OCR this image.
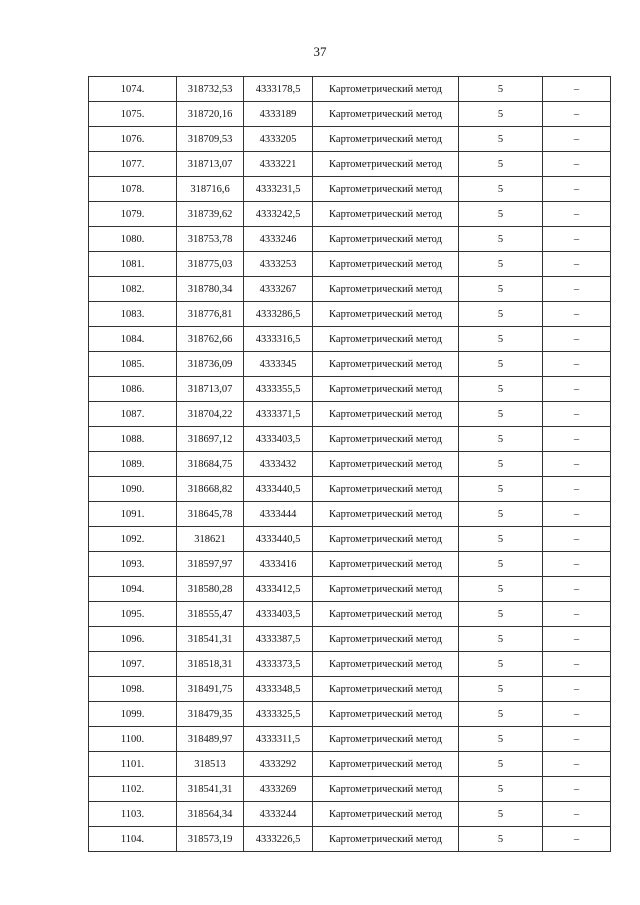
37
1074.	318732,53	4333178,5	Картометрический метод	5	–
1075.	318720,16	4333189	Картометрический метод	5	–
1076.	318709,53	4333205	Картометрический метод	5	–
1077.	318713,07	4333221	Картометрический метод	5	–
1078.	318716,6	4333231,5	Картометрический метод	5	–
1079.	318739,62	4333242,5	Картометрический метод	5	–
1080.	318753,78	4333246	Картометрический метод	5	–
1081.	318775,03	4333253	Картометрический метод	5	–
1082.	318780,34	4333267	Картометрический метод	5	–
1083.	318776,81	4333286,5	Картометрический метод	5	–
1084.	318762,66	4333316,5	Картометрический метод	5	–
1085.	318736,09	4333345	Картометрический метод	5	–
1086.	318713,07	4333355,5	Картометрический метод	5	–
1087.	318704,22	4333371,5	Картометрический метод	5	–
1088.	318697,12	4333403,5	Картометрический метод	5	–
1089.	318684,75	4333432	Картометрический метод	5	–
1090.	318668,82	4333440,5	Картометрический метод	5	–
1091.	318645,78	4333444	Картометрический метод	5	–
1092.	318621	4333440,5	Картометрический метод	5	–
1093.	318597,97	4333416	Картометрический метод	5	–
1094.	318580,28	4333412,5	Картометрический метод	5	–
1095.	318555,47	4333403,5	Картометрический метод	5	–
1096.	318541,31	4333387,5	Картометрический метод	5	–
1097.	318518,31	4333373,5	Картометрический метод	5	–
1098.	318491,75	4333348,5	Картометрический метод	5	–
1099.	318479,35	4333325,5	Картометрический метод	5	–
1100.	318489,97	4333311,5	Картометрический метод	5	–
1101.	318513	4333292	Картометрический метод	5	–
1102.	318541,31	4333269	Картометрический метод	5	–
1103.	318564,34	4333244	Картометрический метод	5	–
1104.	318573,19	4333226,5	Картометрический метод	5	–
